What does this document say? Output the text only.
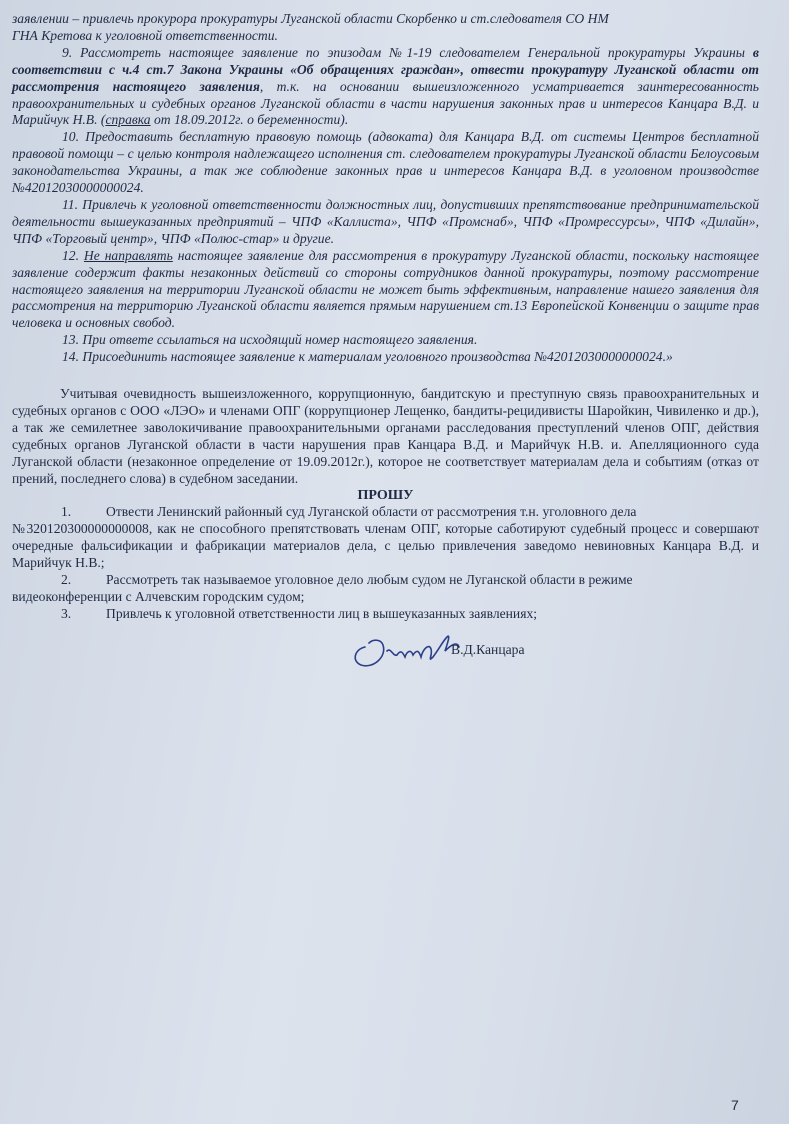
заявлении – привлечь прокурора прокуратуры Луганской области Скорбенко и ст.следователя СО НМ
ГНА Кретова к уголовной ответственности.

9. Рассмотреть настоящее заявление по эпизодам №1-19 следователем Генеральной прокуратуры Украины в соответствии с ч.4 ст.7 Закона Украины «Об обращениях граждан», отвести прокуратуру Луганской области от рассмотрения настоящего заявления, т.к. на основании вышеизложенного усматривается заинтересованность правоохранительных и судебных органов Луганской области в части нарушения законных прав и интересов Канцара В.Д. и Марийчук Н.В. (справка от 18.09.2012г. о беременности).

10. Предоставить бесплатную правовую помощь (адвоката) для Канцара В.Д. от системы Центров бесплатной правовой помощи – с целью контроля надлежащего исполнения ст. следователем прокуратуры Луганской области Белоусовым законодательства Украины, а так же соблюдение законных прав и интересов Канцара В.Д. в уголовном производстве №42012030000000024.

11. Привлечь к уголовной ответственности должностных лиц, допустивших препятствование предпринимательской деятельности вышеуказанных предприятий – ЧПФ «Каллиста», ЧПФ «Промснаб», ЧПФ «Промрессурсы», ЧПФ «Дилайн», ЧПФ «Торговый центр», ЧПФ «Полюс-стар» и другие.

12. Не направлять настоящее заявление для рассмотрения в прокуратуру Луганской области, поскольку настоящее заявление содержит факты незаконных действий со стороны сотрудников данной прокуратуры, поэтому рассмотрение настоящего заявления на территории Луганской области не может быть эффективным, направление нашего заявления для рассмотрения на территорию Луганской области является прямым нарушением ст.13 Европейской Конвенции о защите прав человека и основных свобод.

13. При ответе ссылаться на исходящий номер настоящего заявления.

14. Присоединить настоящее заявление к материалам уголовного производства №42012030000000024.»

Учитывая очевидность вышеизложенного, коррупционную, бандитскую и преступную связь правоохранительных и судебных органов с ООО «ЛЭО» и членами ОПГ (коррупционер Лещенко, бандиты-рецидивисты Шаройкин, Чивиленко и др.), а так же семилетнее заволокичивание правоохранительными органами расследования преступлений членов ОПГ, действия судебных органов Луганской области в части нарушения прав Канцара В.Д. и Марийчук Н.В. и. Апелляционного суда Луганской области (незаконное определение от 19.09.2012г.), которое не соответствует материалам дела и событиям (отказ от прений, последнего слова) в судебном заседании.

ПРОШУ

1.	Отвести Ленинский районный суд Луганской области от рассмотрения т.н. уголовного дела

№320120300000000008, как не способного препятствовать членам ОПГ, которые саботируют судебный процесс и совершают очередные фальсификации и фабрикации материалов дела, с целью привлечения заведомо невиновных Канцара В.Д. и Марийчук Н.В.;

2.	Рассмотреть так называемое уголовное дело любым судом не Луганской области в режиме

видеоконференции с Алчевским городским судом;

3.	Привлечь к уголовной ответственности лиц в вышеуказанных заявлениях;
В.Д.Канцара
7
